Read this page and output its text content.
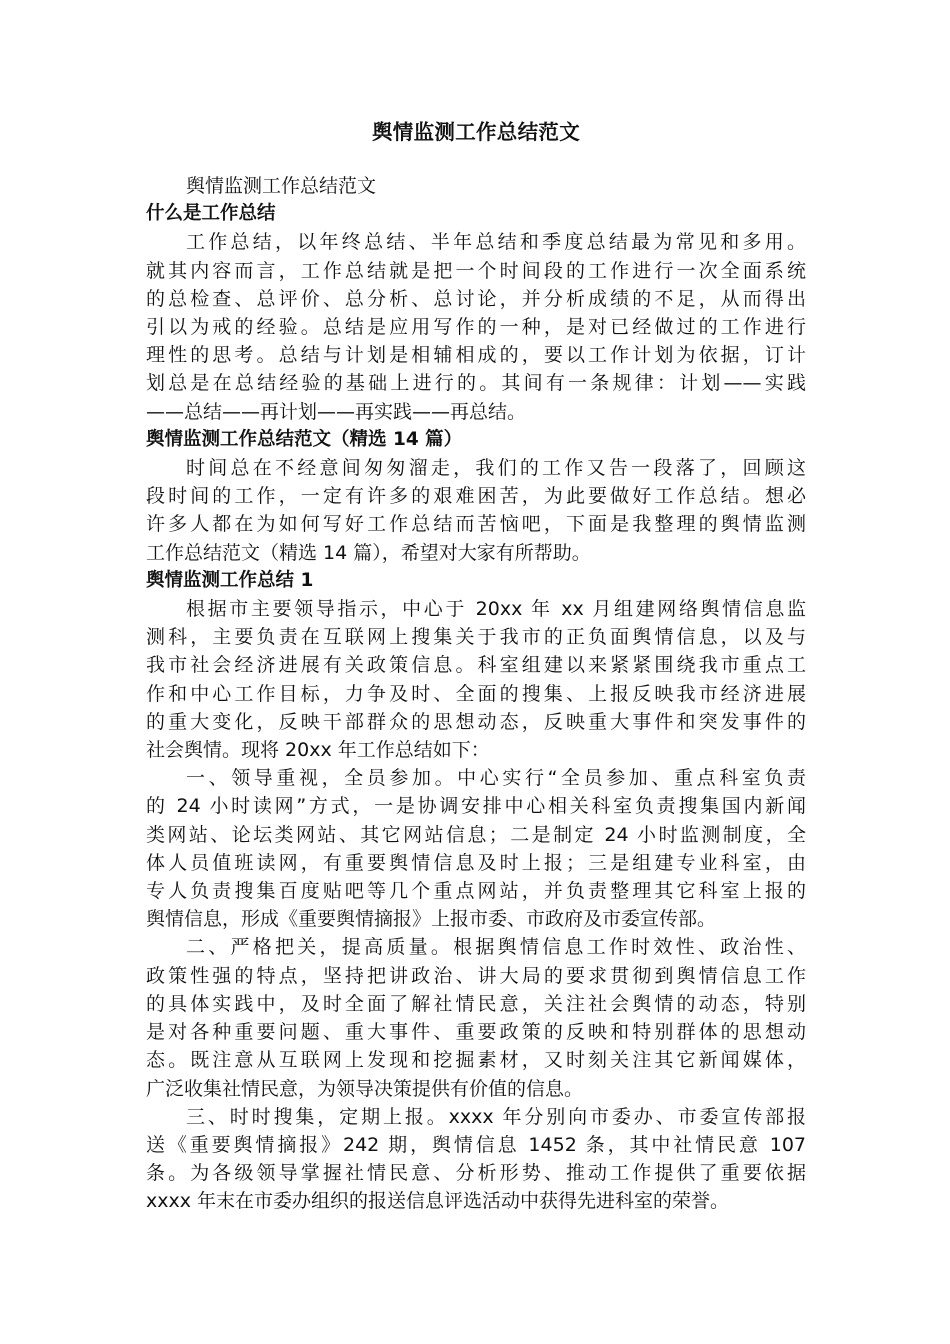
舆情监测工作总结范文

舆情监测工作总结范文

什么是工作总结

工作总结，以年终总结、半年总结和季度总结最为常见和多用。
就其内容而言，工作总结就是把一个时间段的工作进行一次全面系统
的总检查、总评价、总分析、总讨论，并分析成绩的不足，从而得出
引以为戒的经验。总结是应用写作的一种，是对已经做过的工作进行
理性的思考。总结与计划是相辅相成的，要以工作计划为依据，订计
划总是在总结经验的基础上进行的。其间有一条规律：计划——实践
——总结——再计划——再实践——再总结。

舆情监测工作总结范文（精选 14 篇）

时间总在不经意间匆匆溜走，我们的工作又告一段落了，回顾这
段时间的工作，一定有许多的艰难困苦，为此要做好工作总结。想必
许多人都在为如何写好工作总结而苦恼吧，下面是我整理的舆情监测
工作总结范文（精选 14 篇），希望对大家有所帮助。

舆情监测工作总结 1

根据市主要领导指示，中心于 20xx 年 xx 月组建网络舆情信息监
测科，主要负责在互联网上搜集关于我市的正负面舆情信息，以及与
我市社会经济进展有关政策信息。科室组建以来紧紧围绕我市重点工
作和中心工作目标，力争及时、全面的搜集、上报反映我市经济进展
的重大变化，反映干部群众的思想动态，反映重大事件和突发事件的
社会舆情。现将 20xx 年工作总结如下：

一、领导重视，全员参加。中心实行“全员参加、重点科室负责
的 24 小时读网”方式，一是协调安排中心相关科室负责搜集国内新闻
类网站、论坛类网站、其它网站信息；二是制定 24 小时监测制度，全
体人员值班读网，有重要舆情信息及时上报；三是组建专业科室，由
专人负责搜集百度贴吧等几个重点网站，并负责整理其它科室上报的
舆情信息，形成《重要舆情摘报》上报市委、市政府及市委宣传部。

二、严格把关，提高质量。根据舆情信息工作时效性、政治性、
政策性强的特点，坚持把讲政治、讲大局的要求贯彻到舆情信息工作
的具体实践中，及时全面了解社情民意，关注社会舆情的动态，特别
是对各种重要问题、重大事件、重要政策的反映和特别群体的思想动
态。既注意从互联网上发现和挖掘素材，又时刻关注其它新闻媒体，
广泛收集社情民意，为领导决策提供有价值的信息。

三、时时搜集，定期上报。xxxx 年分别向市委办、市委宣传部报
送《重要舆情摘报》242 期，舆情信息 1452 条，其中社情民意 107
条。为各级领导掌握社情民意、分析形势、推动工作提供了重要依据
xxxx 年末在市委办组织的报送信息评选活动中获得先进科室的荣誉。
